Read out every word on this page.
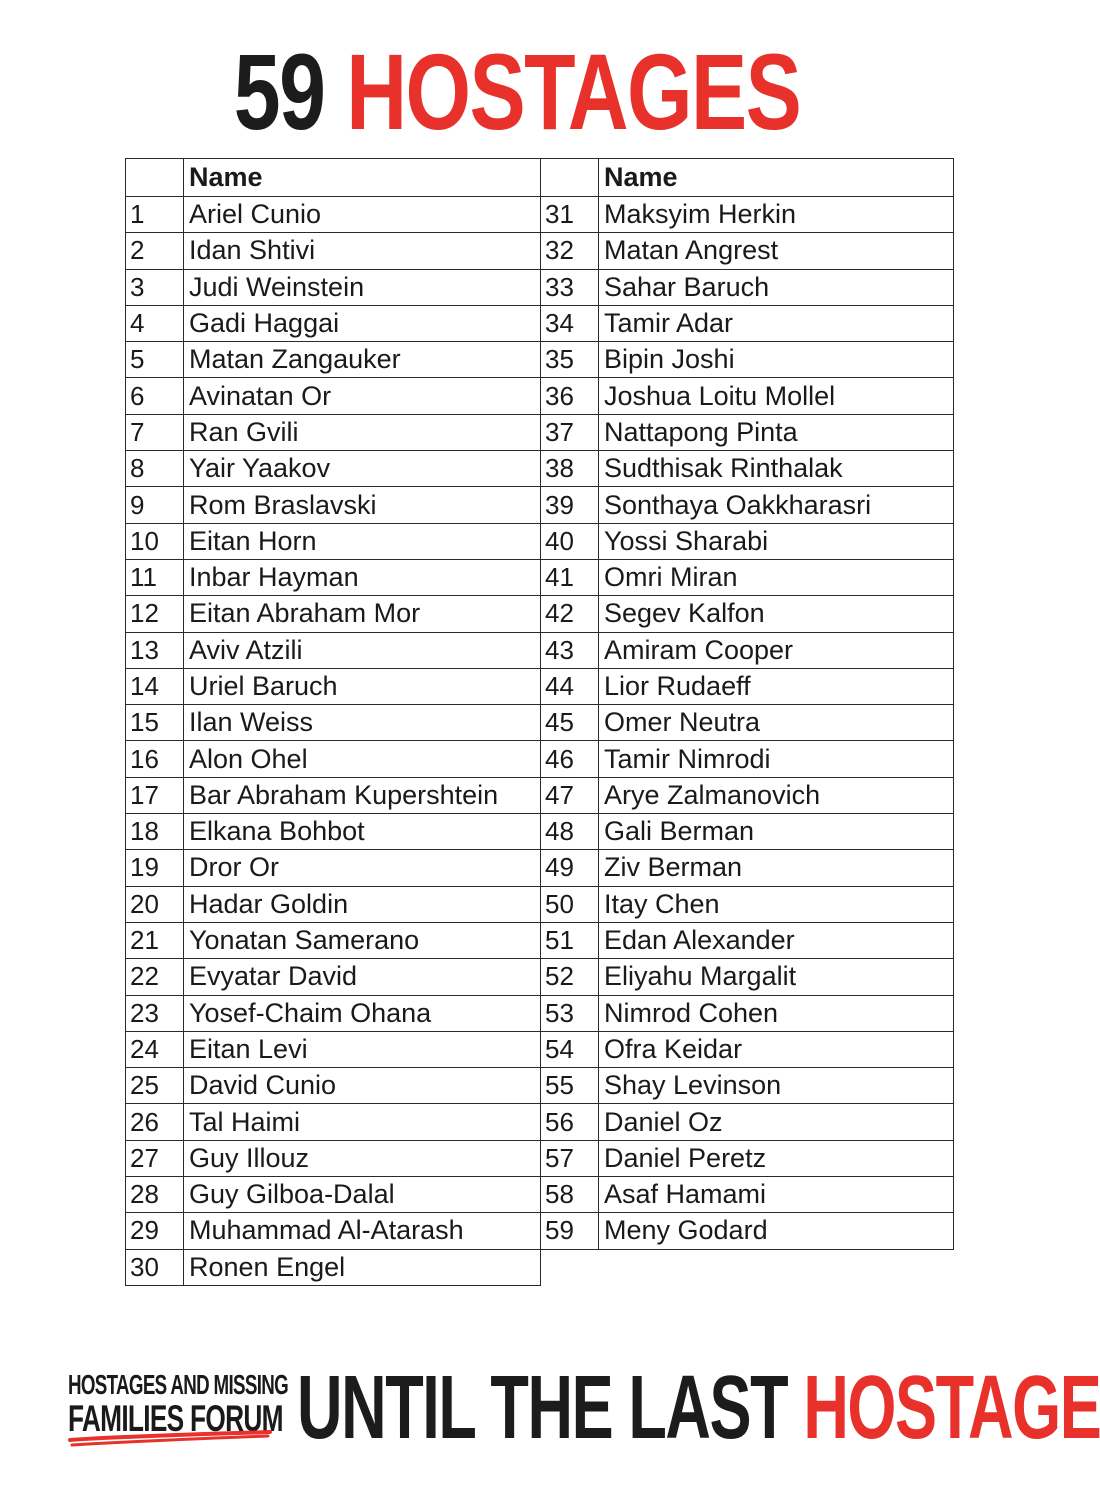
59 HOSTAGES
	Name
1	Ariel Cunio
2	Idan Shtivi
3	Judi Weinstein
4	Gadi Haggai
5	Matan Zangauker
6	Avinatan Or
7	Ran Gvili
8	Yair Yaakov
9	Rom Braslavski
10	Eitan Horn
11	Inbar Hayman
12	Eitan Abraham Mor
13	Aviv Atzili
14	Uriel Baruch
15	Ilan Weiss
16	Alon Ohel
17	Bar Abraham Kupershtein
18	Elkana Bohbot
19	Dror Or
20	Hadar Goldin
21	Yonatan Samerano
22	Evyatar David
23	Yosef-Chaim Ohana
24	Eitan Levi
25	David Cunio
26	Tal Haimi
27	Guy Illouz
28	Guy Gilboa-Dalal
29	Muhammad Al-Atarash
30	Ronen Engel
	Name
31	Maksyim Herkin
32	Matan Angrest
33	Sahar Baruch
34	Tamir Adar
35	Bipin Joshi
36	Joshua Loitu Mollel
37	Nattapong Pinta
38	Sudthisak Rinthalak
39	Sonthaya Oakkharasri
40	Yossi Sharabi
41	Omri Miran
42	Segev Kalfon
43	Amiram Cooper
44	Lior Rudaeff
45	Omer Neutra
46	Tamir Nimrodi
47	Arye Zalmanovich
48	Gali Berman
49	Ziv Berman
50	Itay Chen
51	Edan Alexander
52	Eliyahu Margalit
53	Nimrod Cohen
54	Ofra Keidar
55	Shay Levinson
56	Daniel Oz
57	Daniel Peretz
58	Asaf Hamami
59	Meny Godard
HOSTAGES AND MISSING
FAMILIES FORUM UNTIL THE LAST HOSTAGE
